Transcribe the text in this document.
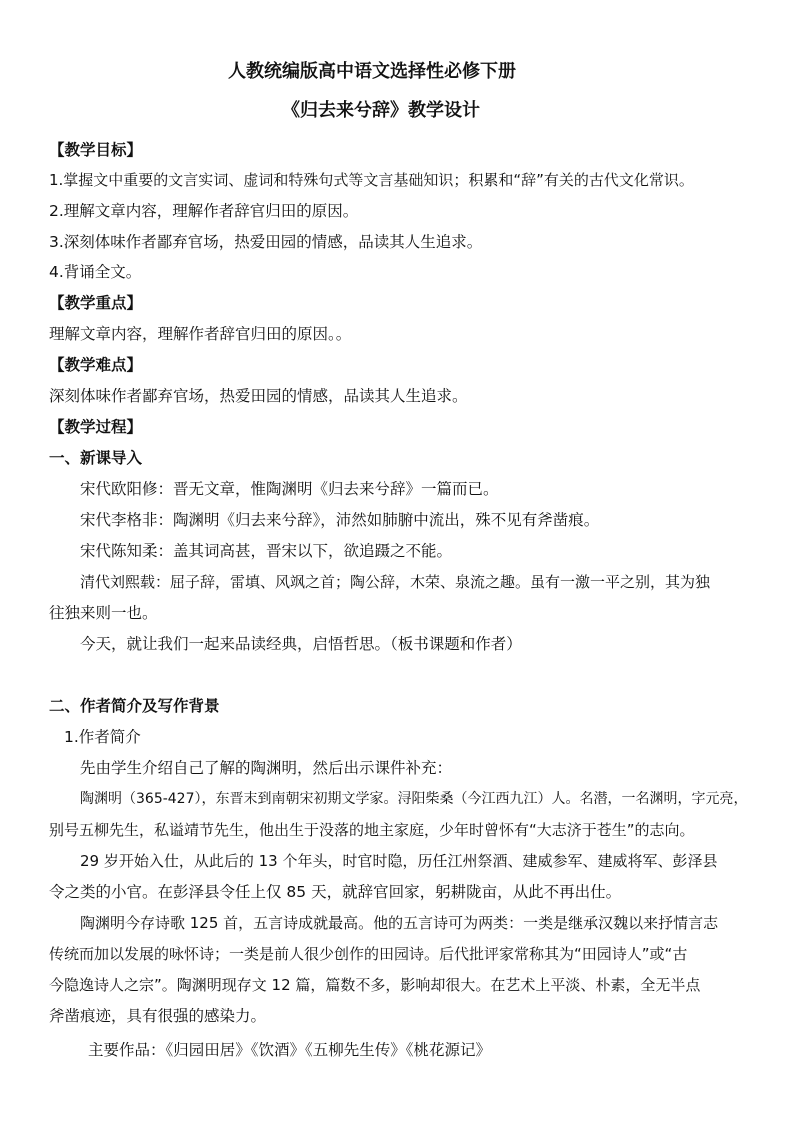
人教统编版高中语文选择性必修下册
《归去来兮辞》教学设计
【教学目标】
1.掌握文中重要的文言实词、虚词和特殊句式等文言基础知识；积累和“辞”有关的古代文化常识。
2.理解文章内容，理解作者辞官归田的原因。
3.深刻体味作者鄙弃官场，热爱田园的情感，品读其人生追求。
4.背诵全文。
【教学重点】
理解文章内容，理解作者辞官归田的原因。。
【教学难点】
深刻体味作者鄙弃官场，热爱田园的情感，品读其人生追求。
【教学过程】
一、新课导入
宋代欧阳修：晋无文章，惟陶渊明《归去来兮辞》一篇而已。
宋代李格非：陶渊明《归去来兮辞》，沛然如肺腑中流出，殊不见有斧凿痕。
宋代陈知柔：盖其词高甚，晋宋以下，欲追蹑之不能。
清代刘熙载：屈子辞，雷填、风飒之首；陶公辞，木荣、泉流之趣。虽有一激一平之别，其为独
往独来则一也。
今天，就让我们一起来品读经典，启悟哲思。（板书课题和作者）
二、作者简介及写作背景
1.作者简介
先由学生介绍自己了解的陶渊明，然后出示课件补充：
陶渊明（365-427），东晋末到南朝宋初期文学家。浔阳柴桑（今江西九江）人。名潜，一名渊明，字元亮，
别号五柳先生，私谥靖节先生，他出生于没落的地主家庭，少年时曾怀有“大志济于苍生”的志向。
29 岁开始入仕，从此后的 13 个年头，时官时隐，历任江州祭酒、建威参军、建威将军、彭泽县
令之类的小官。在彭泽县令任上仅 85 天，就辞官回家，躬耕陇亩，从此不再出仕。
陶渊明今存诗歌 125 首，五言诗成就最高。他的五言诗可为两类：一类是继承汉魏以来抒情言志
传统而加以发展的咏怀诗；一类是前人很少创作的田园诗。后代批评家常称其为“田园诗人”或“古
今隐逸诗人之宗”。陶渊明现存文 12 篇，篇数不多，影响却很大。在艺术上平淡、朴素，全无半点
斧凿痕迹，具有很强的感染力。
主要作品：《归园田居》《饮酒》《五柳先生传》《桃花源记》
